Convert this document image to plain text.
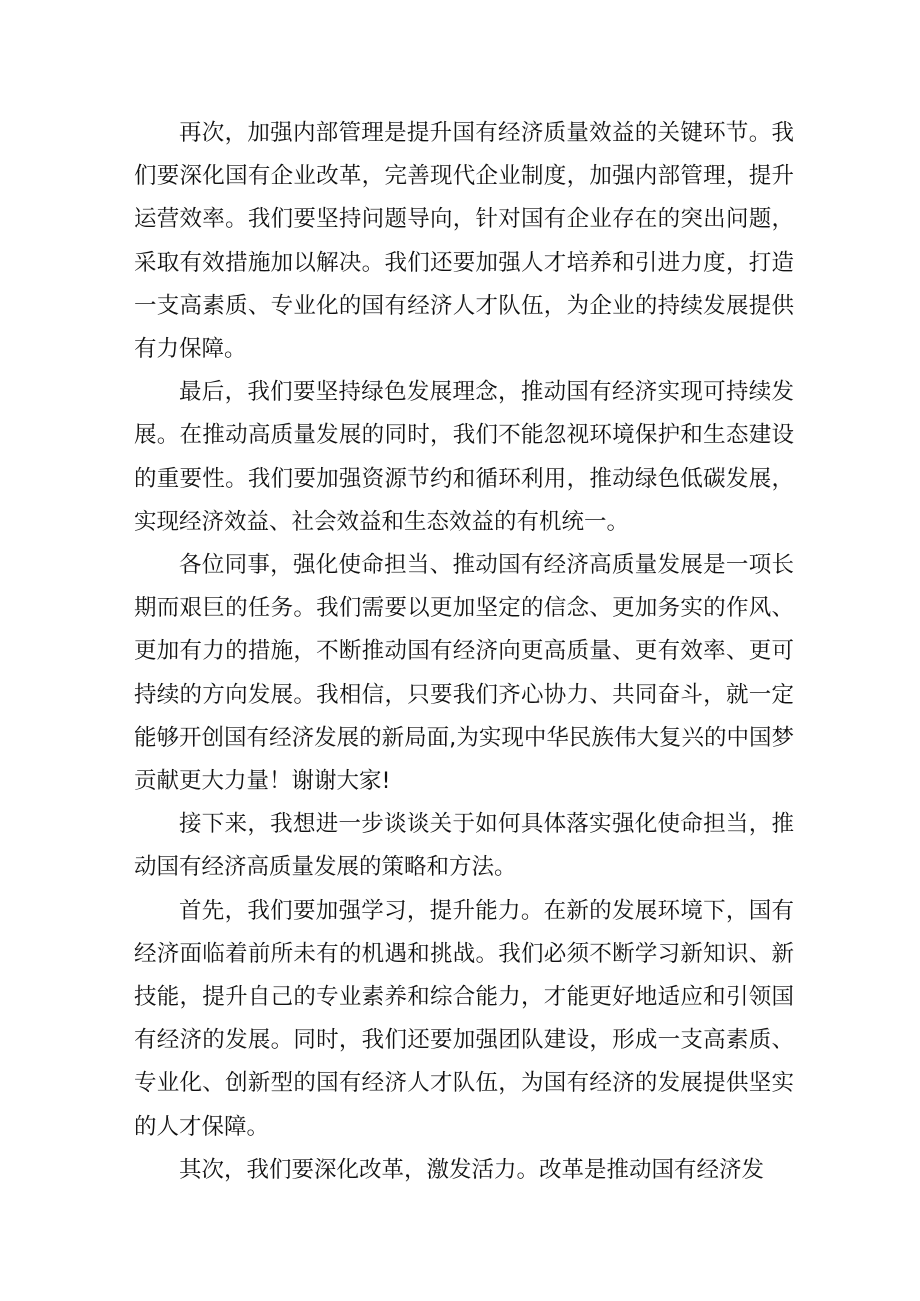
再次，加强内部管理是提升国有经济质量效益的关键环节。我们要深化国有企业改革，完善现代企业制度，加强内部管理，提升运营效率。我们要坚持问题导向，针对国有企业存在的突出问题，采取有效措施加以解决。我们还要加强人才培养和引进力度，打造一支高素质、专业化的国有经济人才队伍，为企业的持续发展提供有力保障。

最后，我们要坚持绿色发展理念，推动国有经济实现可持续发展。在推动高质量发展的同时，我们不能忽视环境保护和生态建设的重要性。我们要加强资源节约和循环利用，推动绿色低碳发展，实现经济效益、社会效益和生态效益的有机统一。

各位同事，强化使命担当、推动国有经济高质量发展是一项长期而艰巨的任务。我们需要以更加坚定的信念、更加务实的作风、更加有力的措施，不断推动国有经济向更高质量、更有效率、更可持续的方向发展。我相信，只要我们齐心协力、共同奋斗，就一定能够开创国有经济发展的新局面,为实现中华民族伟大复兴的中国梦贡献更大力量！谢谢大家!

接下来，我想进一步谈谈关于如何具体落实强化使命担当，推动国有经济高质量发展的策略和方法。

首先，我们要加强学习，提升能力。在新的发展环境下，国有经济面临着前所未有的机遇和挑战。我们必须不断学习新知识、新技能，提升自己的专业素养和综合能力，才能更好地适应和引领国有经济的发展。同时，我们还要加强团队建设，形成一支高素质、专业化、创新型的国有经济人才队伍，为国有经济的发展提供坚实的人才保障。

其次，我们要深化改革，激发活力。改革是推动国有经济发
